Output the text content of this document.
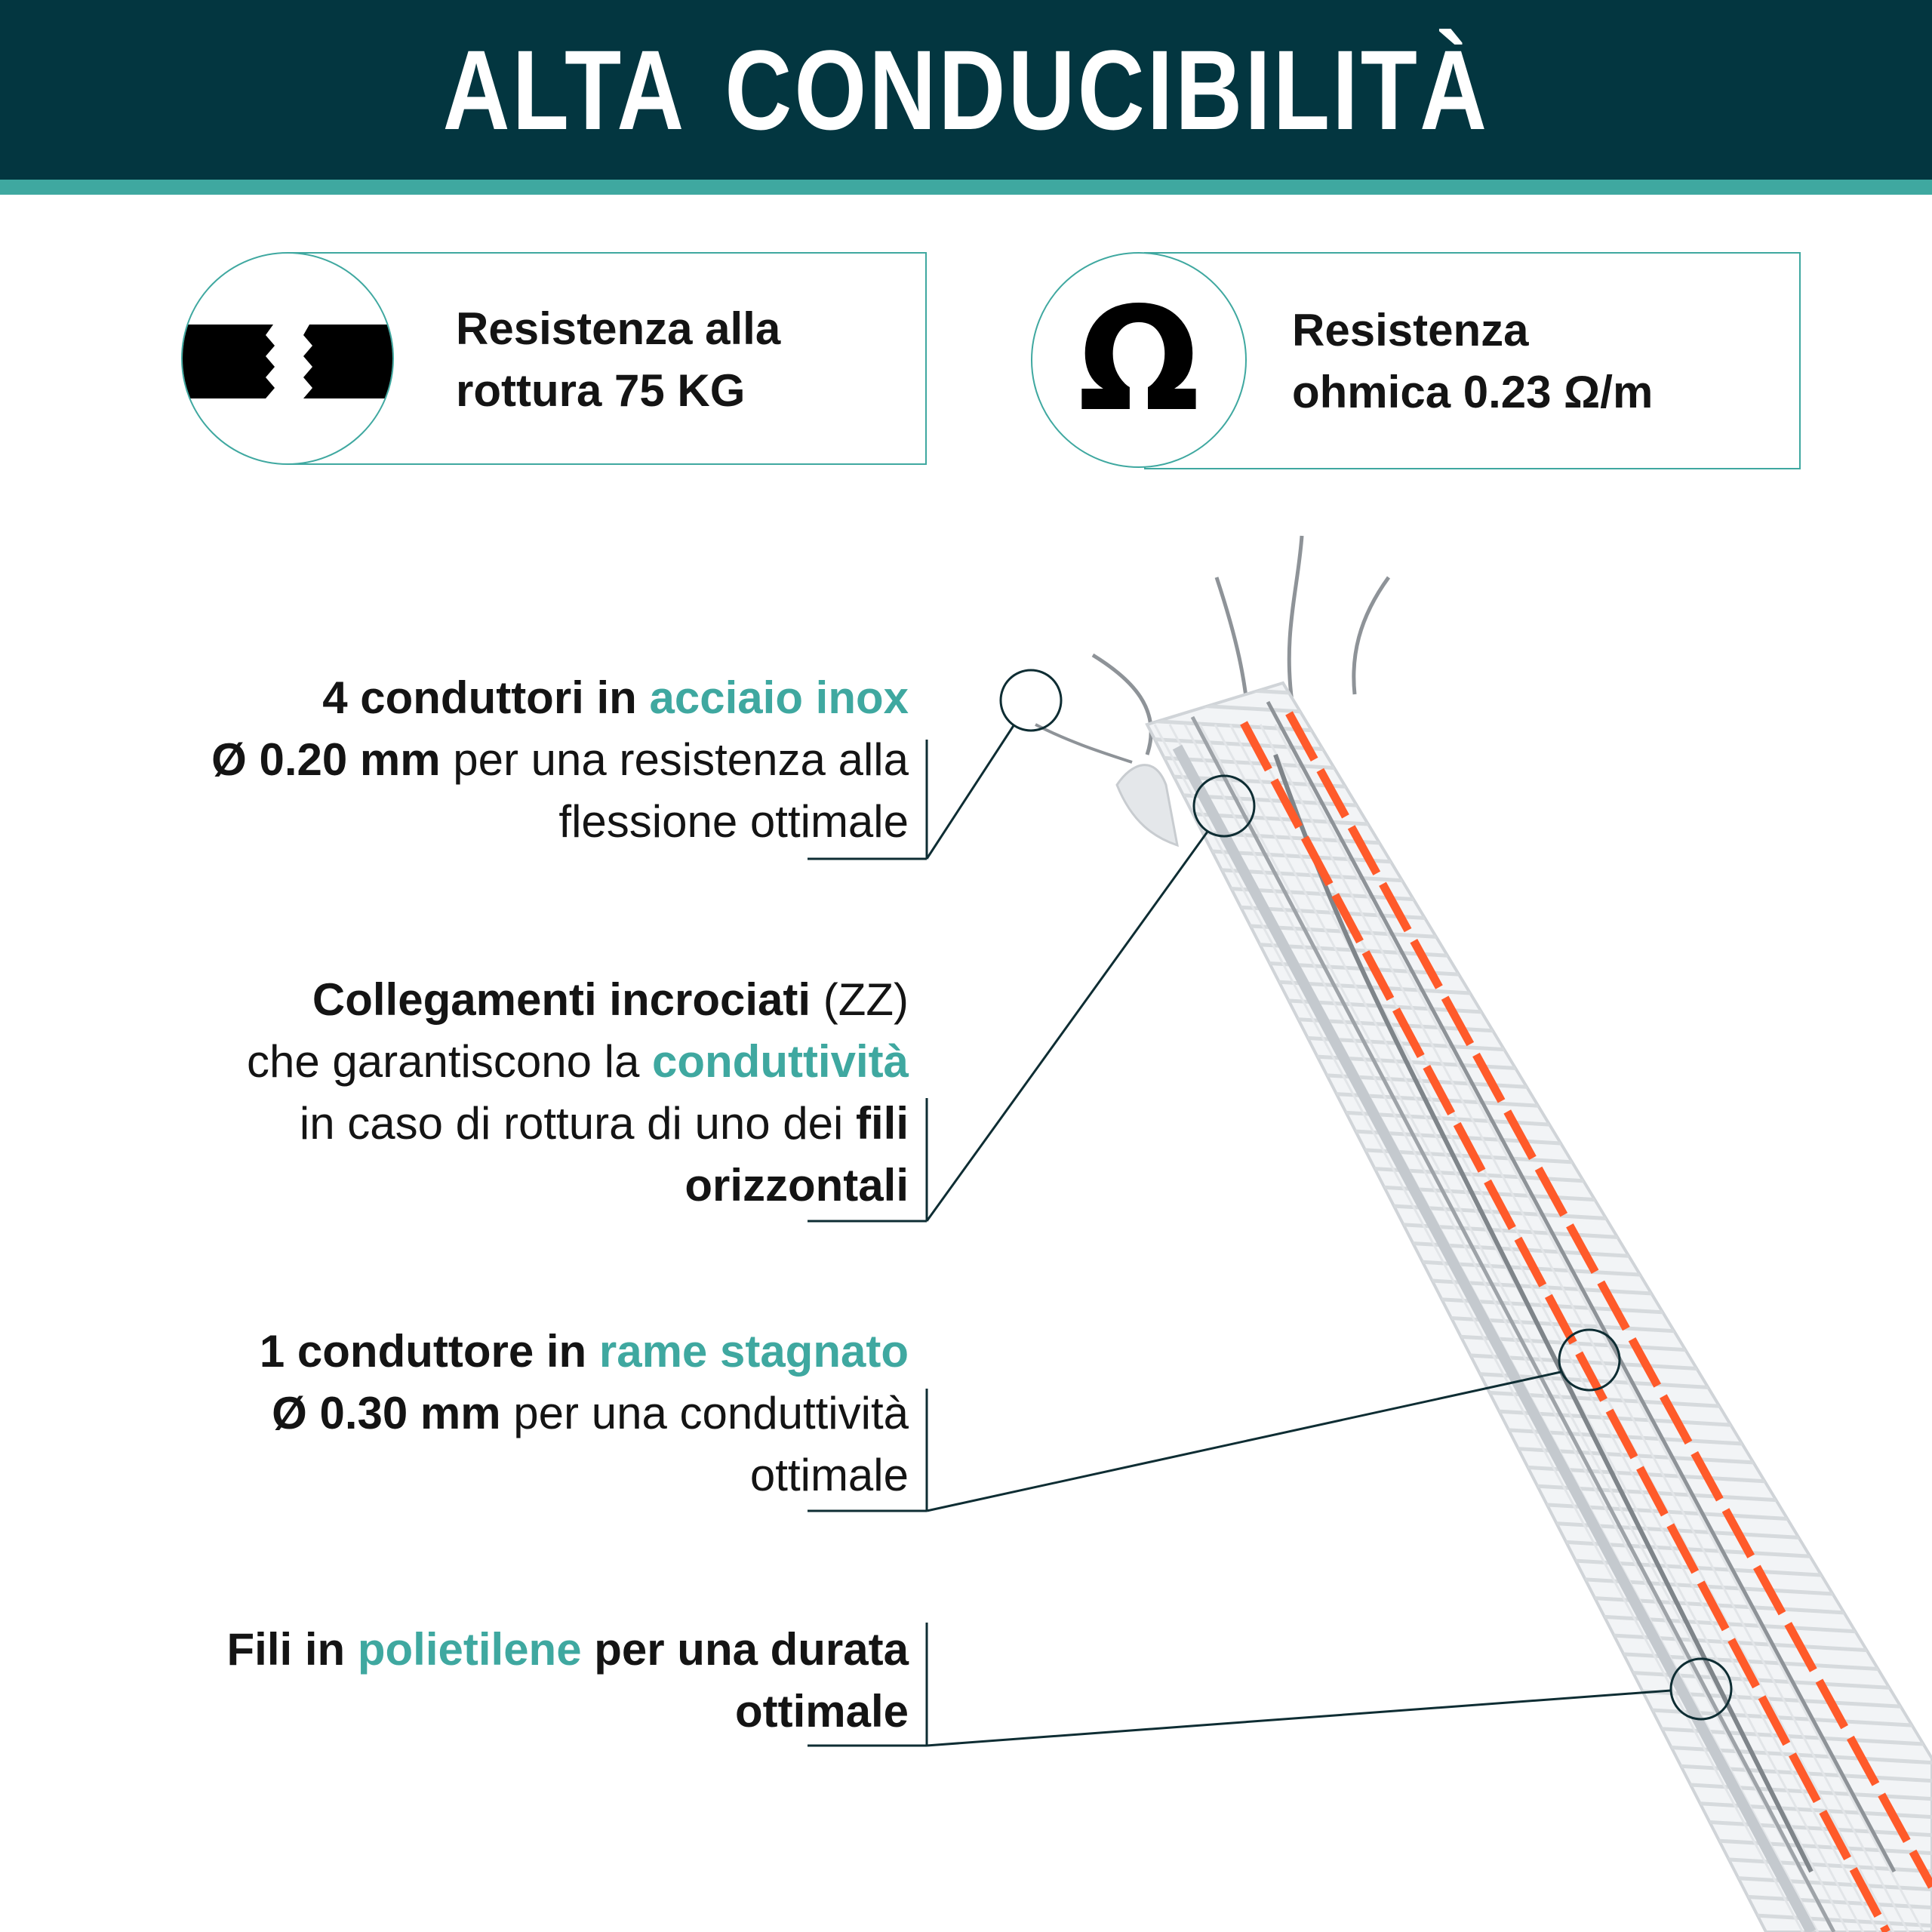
ALTA CONDUCIBILITÀ
Resistenza alla
rottura 75 KG	Ω	Resistenza
ohmica 0.23 Ω/m
4 conduttori in acciaio inox
Ø 0.20 mm per una resistenza alla
flessione ottimale
Collegamenti incrociati (ZZ)
che garantiscono la conduttività
in caso di rottura di uno dei fili
orizzontali
1 conduttore in rame stagnato
Ø 0.30 mm per una conduttività
ottimale
Fili in polietilene per una durata
ottimale
